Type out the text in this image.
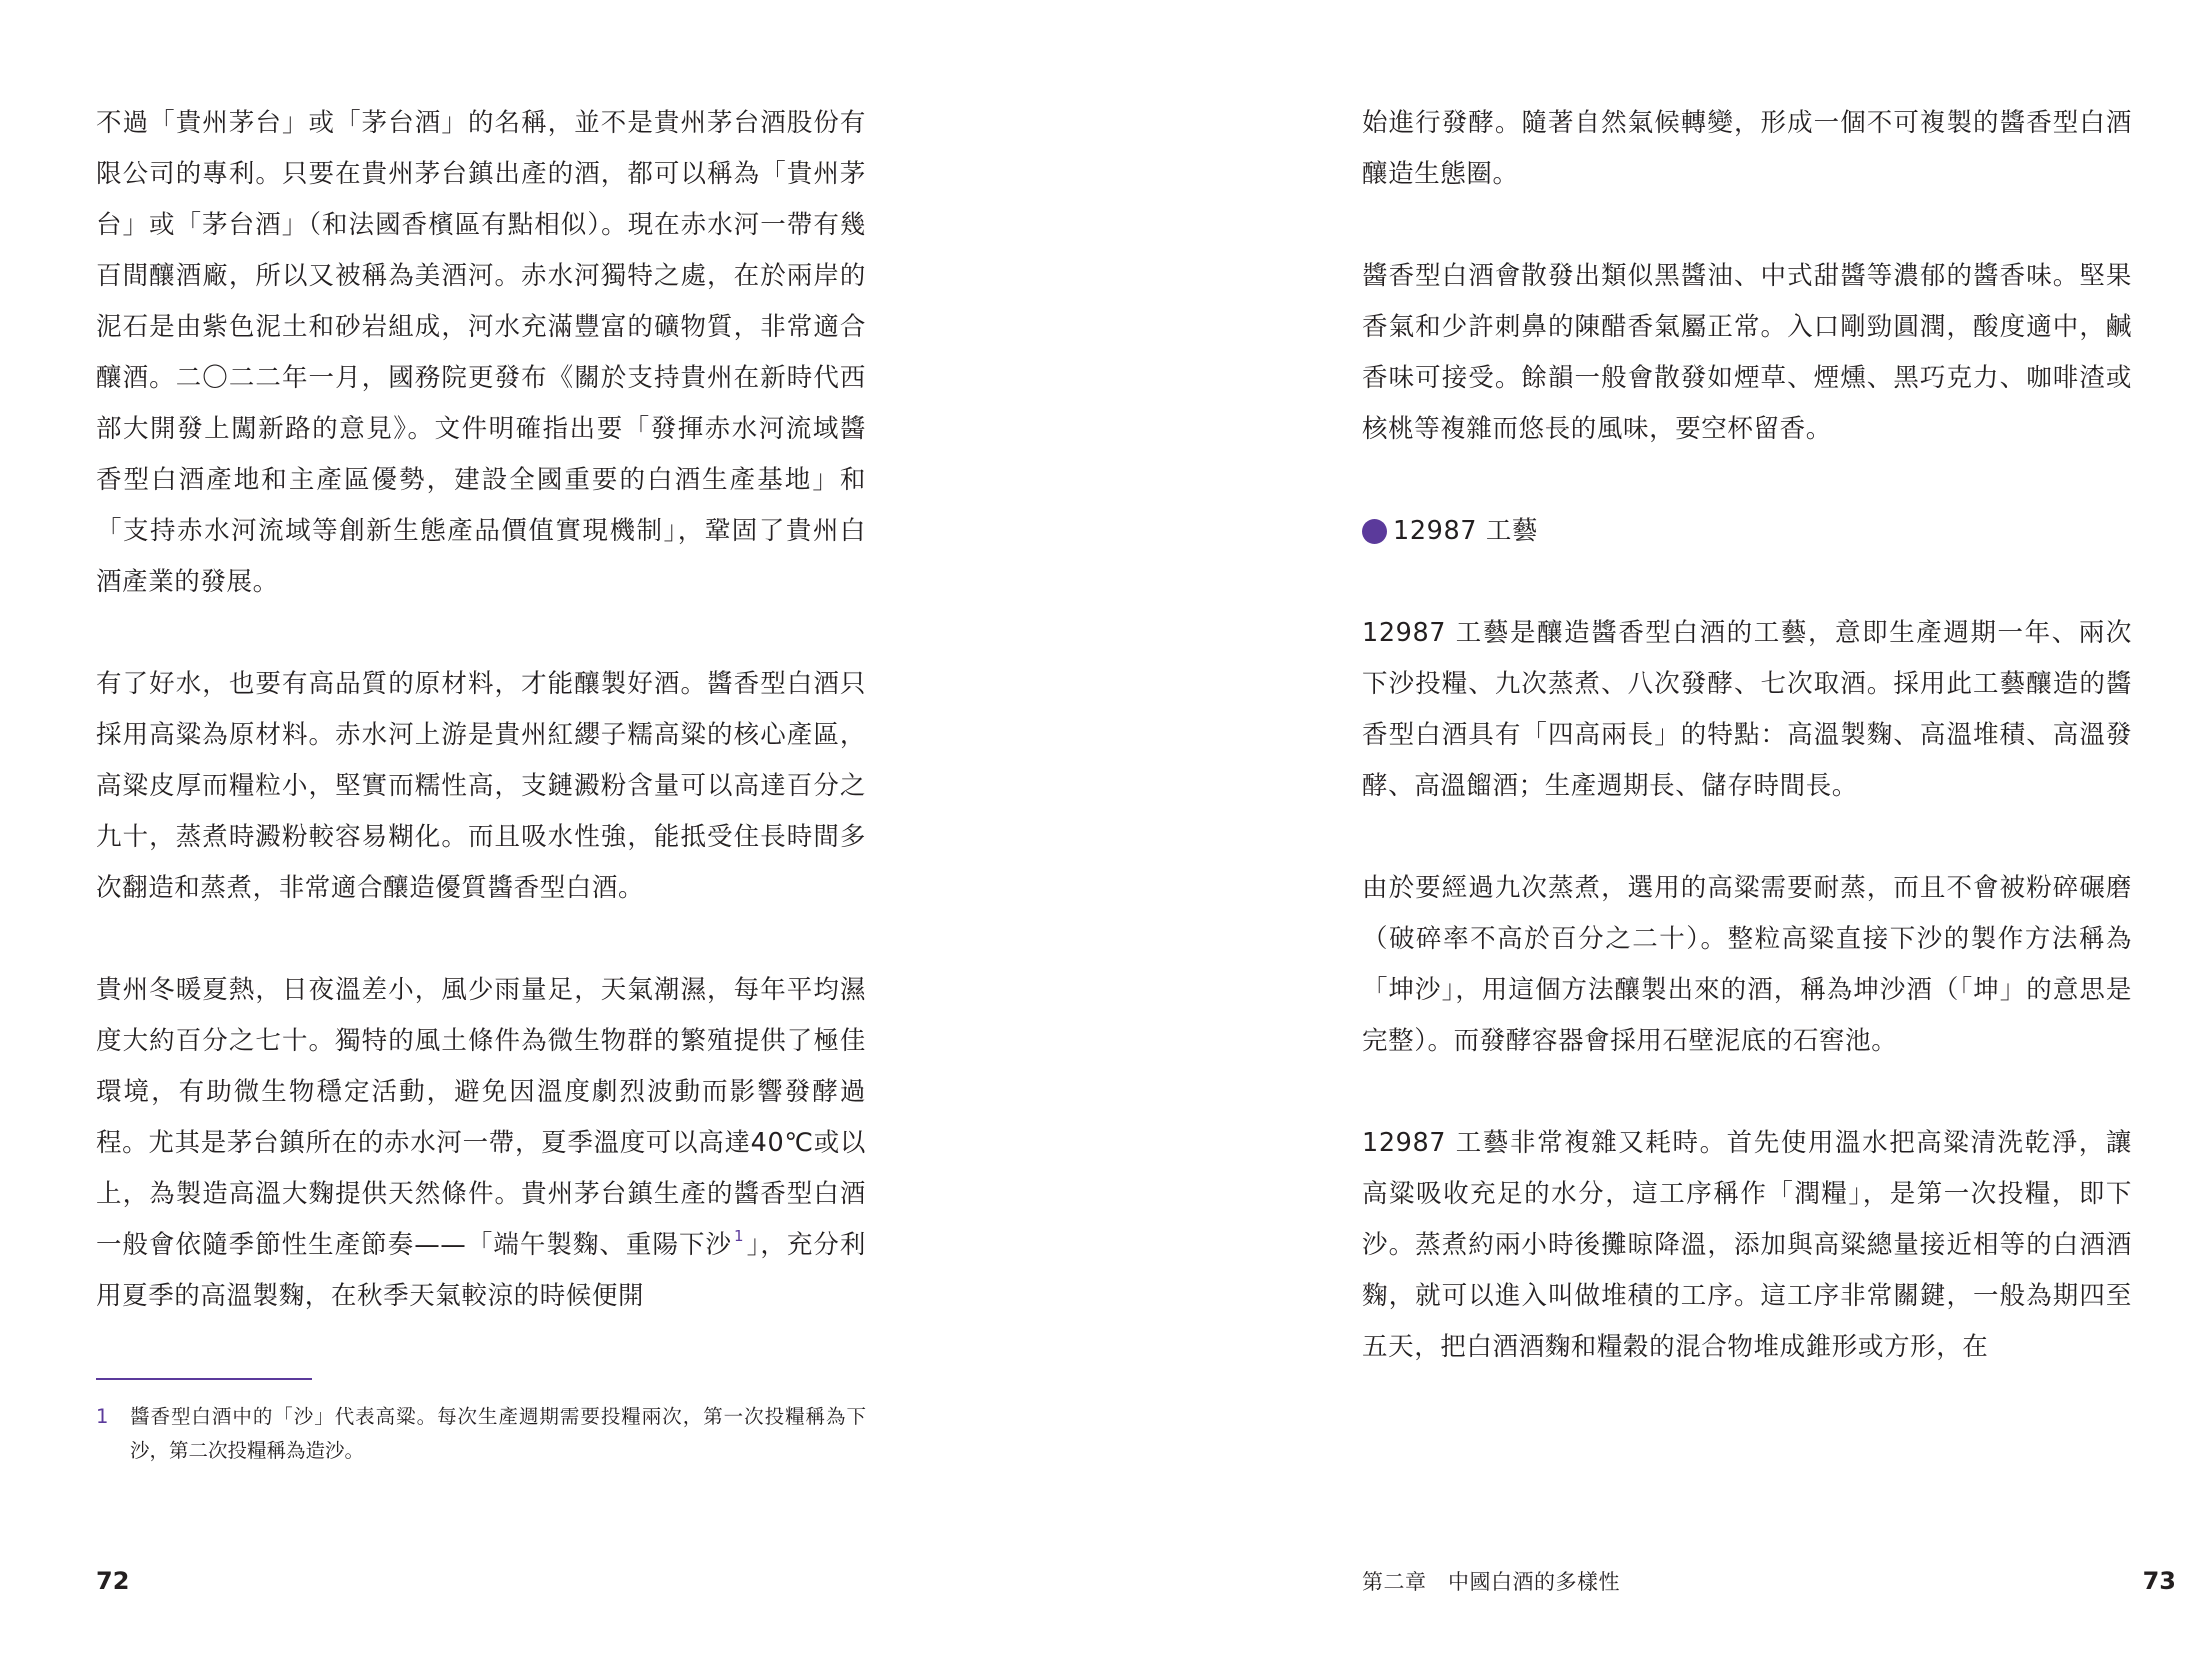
不過「貴州茅台」或「茅台酒」的名稱，並不是貴州茅台酒股份有限公司的專利。只要在貴州茅台鎮出產的酒，都可以稱為「貴州茅台」或「茅台酒」（和法國香檳區有點相似）。現在赤水河一帶有幾百間釀酒廠，所以又被稱為美酒河。赤水河獨特之處，在於兩岸的泥石是由紫色泥土和砂岩組成，河水充滿豐富的礦物質，非常適合釀酒。二〇二二年一月，國務院更發布《關於支持貴州在新時代西部大開發上闖新路的意見》。文件明確指出要「發揮赤水河流域醬香型白酒產地和主產區優勢，建設全國重要的白酒生產基地」和「支持赤水河流域等創新生態產品價值實現機制」，鞏固了貴州白酒產業的發展。

有了好水，也要有高品質的原材料，才能釀製好酒。醬香型白酒只採用高粱為原材料。赤水河上游是貴州紅纓子糯高粱的核心產區，高粱皮厚而糧粒小，堅實而糯性高，支鏈澱粉含量可以高達百分之九十，蒸煮時澱粉較容易糊化。而且吸水性強，能抵受住長時間多次翻造和蒸煮，非常適合釀造優質醬香型白酒。

貴州冬暖夏熱，日夜溫差小，風少雨量足，天氣潮濕，每年平均濕度大約百分之七十。獨特的風土條件為微生物群的繁殖提供了極佳環境，有助微生物穩定活動，避免因溫度劇烈波動而影響發酵過程。尤其是茅台鎮所在的赤水河一帶，夏季溫度可以高達40℃或以上，為製造高溫大麴提供天然條件。貴州茅台鎮生產的醬香型白酒一般會依隨季節性生產節奏——「端午製麴、重陽下沙 $^1$」，充分利用夏季的高溫製麴，在秋季天氣較涼的時候便開

1	醬香型白酒中的「沙」代表高粱。每次生產週期需要投糧兩次，第一次投糧稱為下沙，第二次投糧稱為造沙。
72

始進行發酵。隨著自然氣候轉變，形成一個不可複製的醬香型白酒釀造生態圈。

醬香型白酒會散發出類似黑醬油、中式甜醬等濃郁的醬香味。堅果香氣和少許刺鼻的陳醋香氣屬正常。入口剛勁圓潤，酸度適中，鹹香味可接受。餘韻一般會散發如煙草、煙燻、黑巧克力、咖啡渣或核桃等複雜而悠長的風味，要空杯留香。

12987 工藝

12987 工藝是釀造醬香型白酒的工藝，意即生產週期一年、兩次下沙投糧、九次蒸煮、八次發酵、七次取酒。採用此工藝釀造的醬香型白酒具有「四高兩長」的特點：高溫製麴、高溫堆積、高溫發酵、高溫餾酒；生產週期長、儲存時間長。

由於要經過九次蒸煮，選用的高粱需要耐蒸，而且不會被粉碎碾磨（破碎率不高於百分之二十）。整粒高粱直接下沙的製作方法稱為「坤沙」，用這個方法釀製出來的酒，稱為坤沙酒（「坤」的意思是完整）。而發酵容器會採用石壁泥底的石窖池。

12987 工藝非常複雜又耗時。首先使用溫水把高粱清洗乾淨，讓高粱吸收充足的水分，這工序稱作「潤糧」，是第一次投糧，即下沙。蒸煮約兩小時後攤晾降溫，添加與高粱總量接近相等的白酒酒麴，就可以進入叫做堆積的工序。這工序非常關鍵，一般為期四至五天，把白酒酒麴和糧穀的混合物堆成錐形或方形，在

第二章　中國白酒的多樣性	73
